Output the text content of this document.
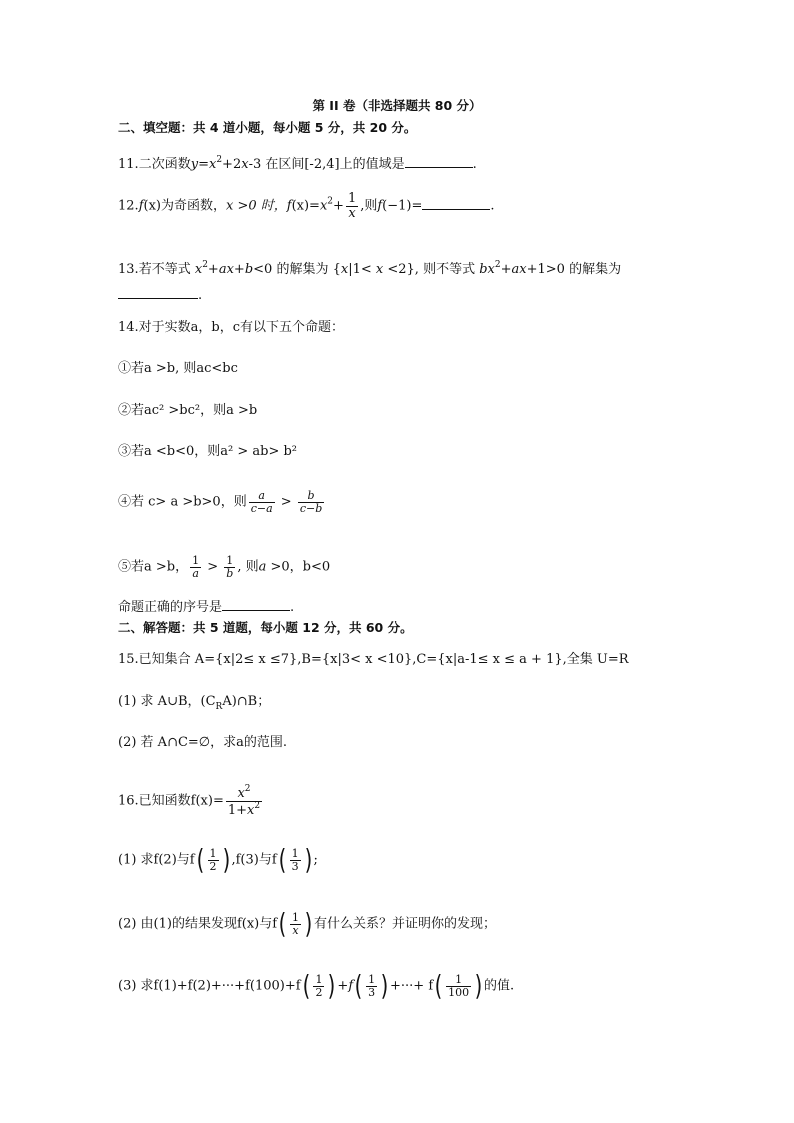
第 II 卷（非选择题共 80 分）
二、填空题：共 4 道小题，每小题 5 分，共 20 分。
11.二次函数$y=x^2+2x-3$ 在区间[-2,4]上的值域是	.
12.f(x)为奇函数，x >0 时，$f(x)=x^2+ \frac{1}{x}$ ,则f(−1)=	.
13.若不等式 $x^2+ax+b<0$ 的解集为 {x|1< x <2}, 则不等式 $bx^2+ax+1>0$ 的解集为
.
14.对于实数a，b，c有以下五个命题：
①若a >b, 则ac<bc
②若ac² >bc²，则a >b
③若a <b<0，则a² > ab> b²
④若 c> a >b>0，则 $\frac{a}{c-a} > \frac{b}{c-b}$
⑤若a >b， $\frac{1}{a} > \frac{1}{b}$ , 则a >0，b<0
命题正确的序号是	.
二、解答题：共 5 道题，每小题 12 分，共 60 分。
15.已知集合 A={x|2≤ x ≤7},B={x|3< x <10},C={x|a-1≤ x ≤ a + 1},全集 U=R
(1) 求 A∪B，$(C_RA)\cap B$；
(2) 若 A∩C=∅，求a的范围.
16.已知函数$f(x)= \frac{x^2}{1+x^2}$
(1) 求f(2)与$f( \frac{1}{2}$ ) ,f(3)与$f( \frac{1}{3}$ ) ;
(2) 由(1)的结果发现f(x)与$f( \frac{1}{x}$ ) 有什么关系？并证明你的发现；
(3) 求$f(1)+f(2)+\cdot\cdot\cdot+f(100)+f( \frac{1}{2}$ ) $+f( \frac{1}{3}$ ) +···+ $f( \frac{1}{100}$ ) 的值.
